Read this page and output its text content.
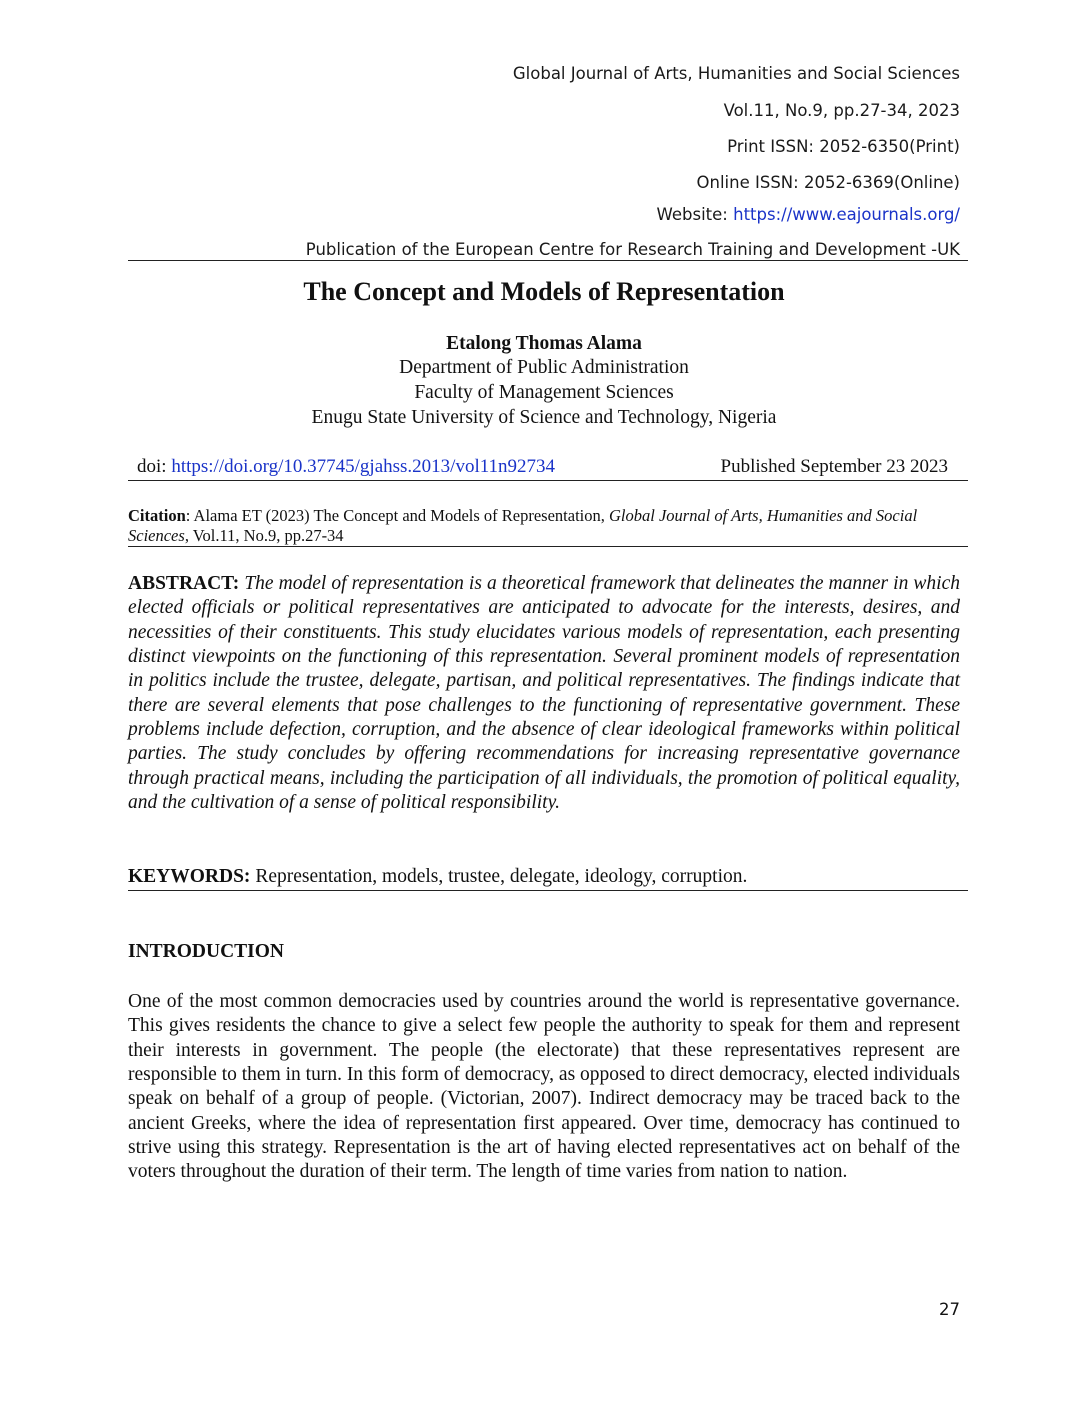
Global Journal of Arts, Humanities and Social Sciences

Vol.11, No.9, pp.27-34, 2023

Print ISSN: 2052-6350(Print)

Online ISSN: 2052-6369(Online)

Website: https://www.eajournals.org/

Publication of the European Centre for Research Training and Development -UK

The Concept and Models of Representation

Etalong Thomas Alama

Department of Public Administration

Faculty of Management Sciences

Enugu State University of Science and Technology, Nigeria

doi: https://doi.org/10.37745/gjahss.2013/vol11n92734	Published September 23 2023
Citation: Alama ET (2023) The Concept and Models of Representation, Global Journal of Arts, Humanities and Social Sciences, Vol.11, No.9, pp.27-34

ABSTRACT: The model of representation is a theoretical framework that delineates the manner in which elected officials or political representatives are anticipated to advocate for the interests, desires, and necessities of their constituents. This study elucidates various models of representation, each presenting distinct viewpoints on the functioning of this representation. Several prominent models of representation in politics include the trustee, delegate, partisan, and political representatives. The findings indicate that there are several elements that pose challenges to the functioning of representative government. These problems include defection, corruption, and the absence of clear ideological frameworks within political parties. The study concludes by offering recommendations for increasing representative governance through practical means, including the participation of all individuals, the promotion of political equality, and the cultivation of a sense of political responsibility.

KEYWORDS: Representation, models, trustee, delegate, ideology, corruption.

INTRODUCTION

One of the most common democracies used by countries around the world is representative governance. This gives residents the chance to give a select few people the authority to speak for them and represent their interests in government. The people (the electorate) that these representatives represent are responsible to them in turn. In this form of democracy, as opposed to direct democracy, elected individuals speak on behalf of a group of people. (Victorian, 2007). Indirect democracy may be traced back to the ancient Greeks, where the idea of representation first appeared. Over time, democracy has continued to strive using this strategy. Representation is the art of having elected representatives act on behalf of the voters throughout the duration of their term. The length of time varies from nation to nation.

27
